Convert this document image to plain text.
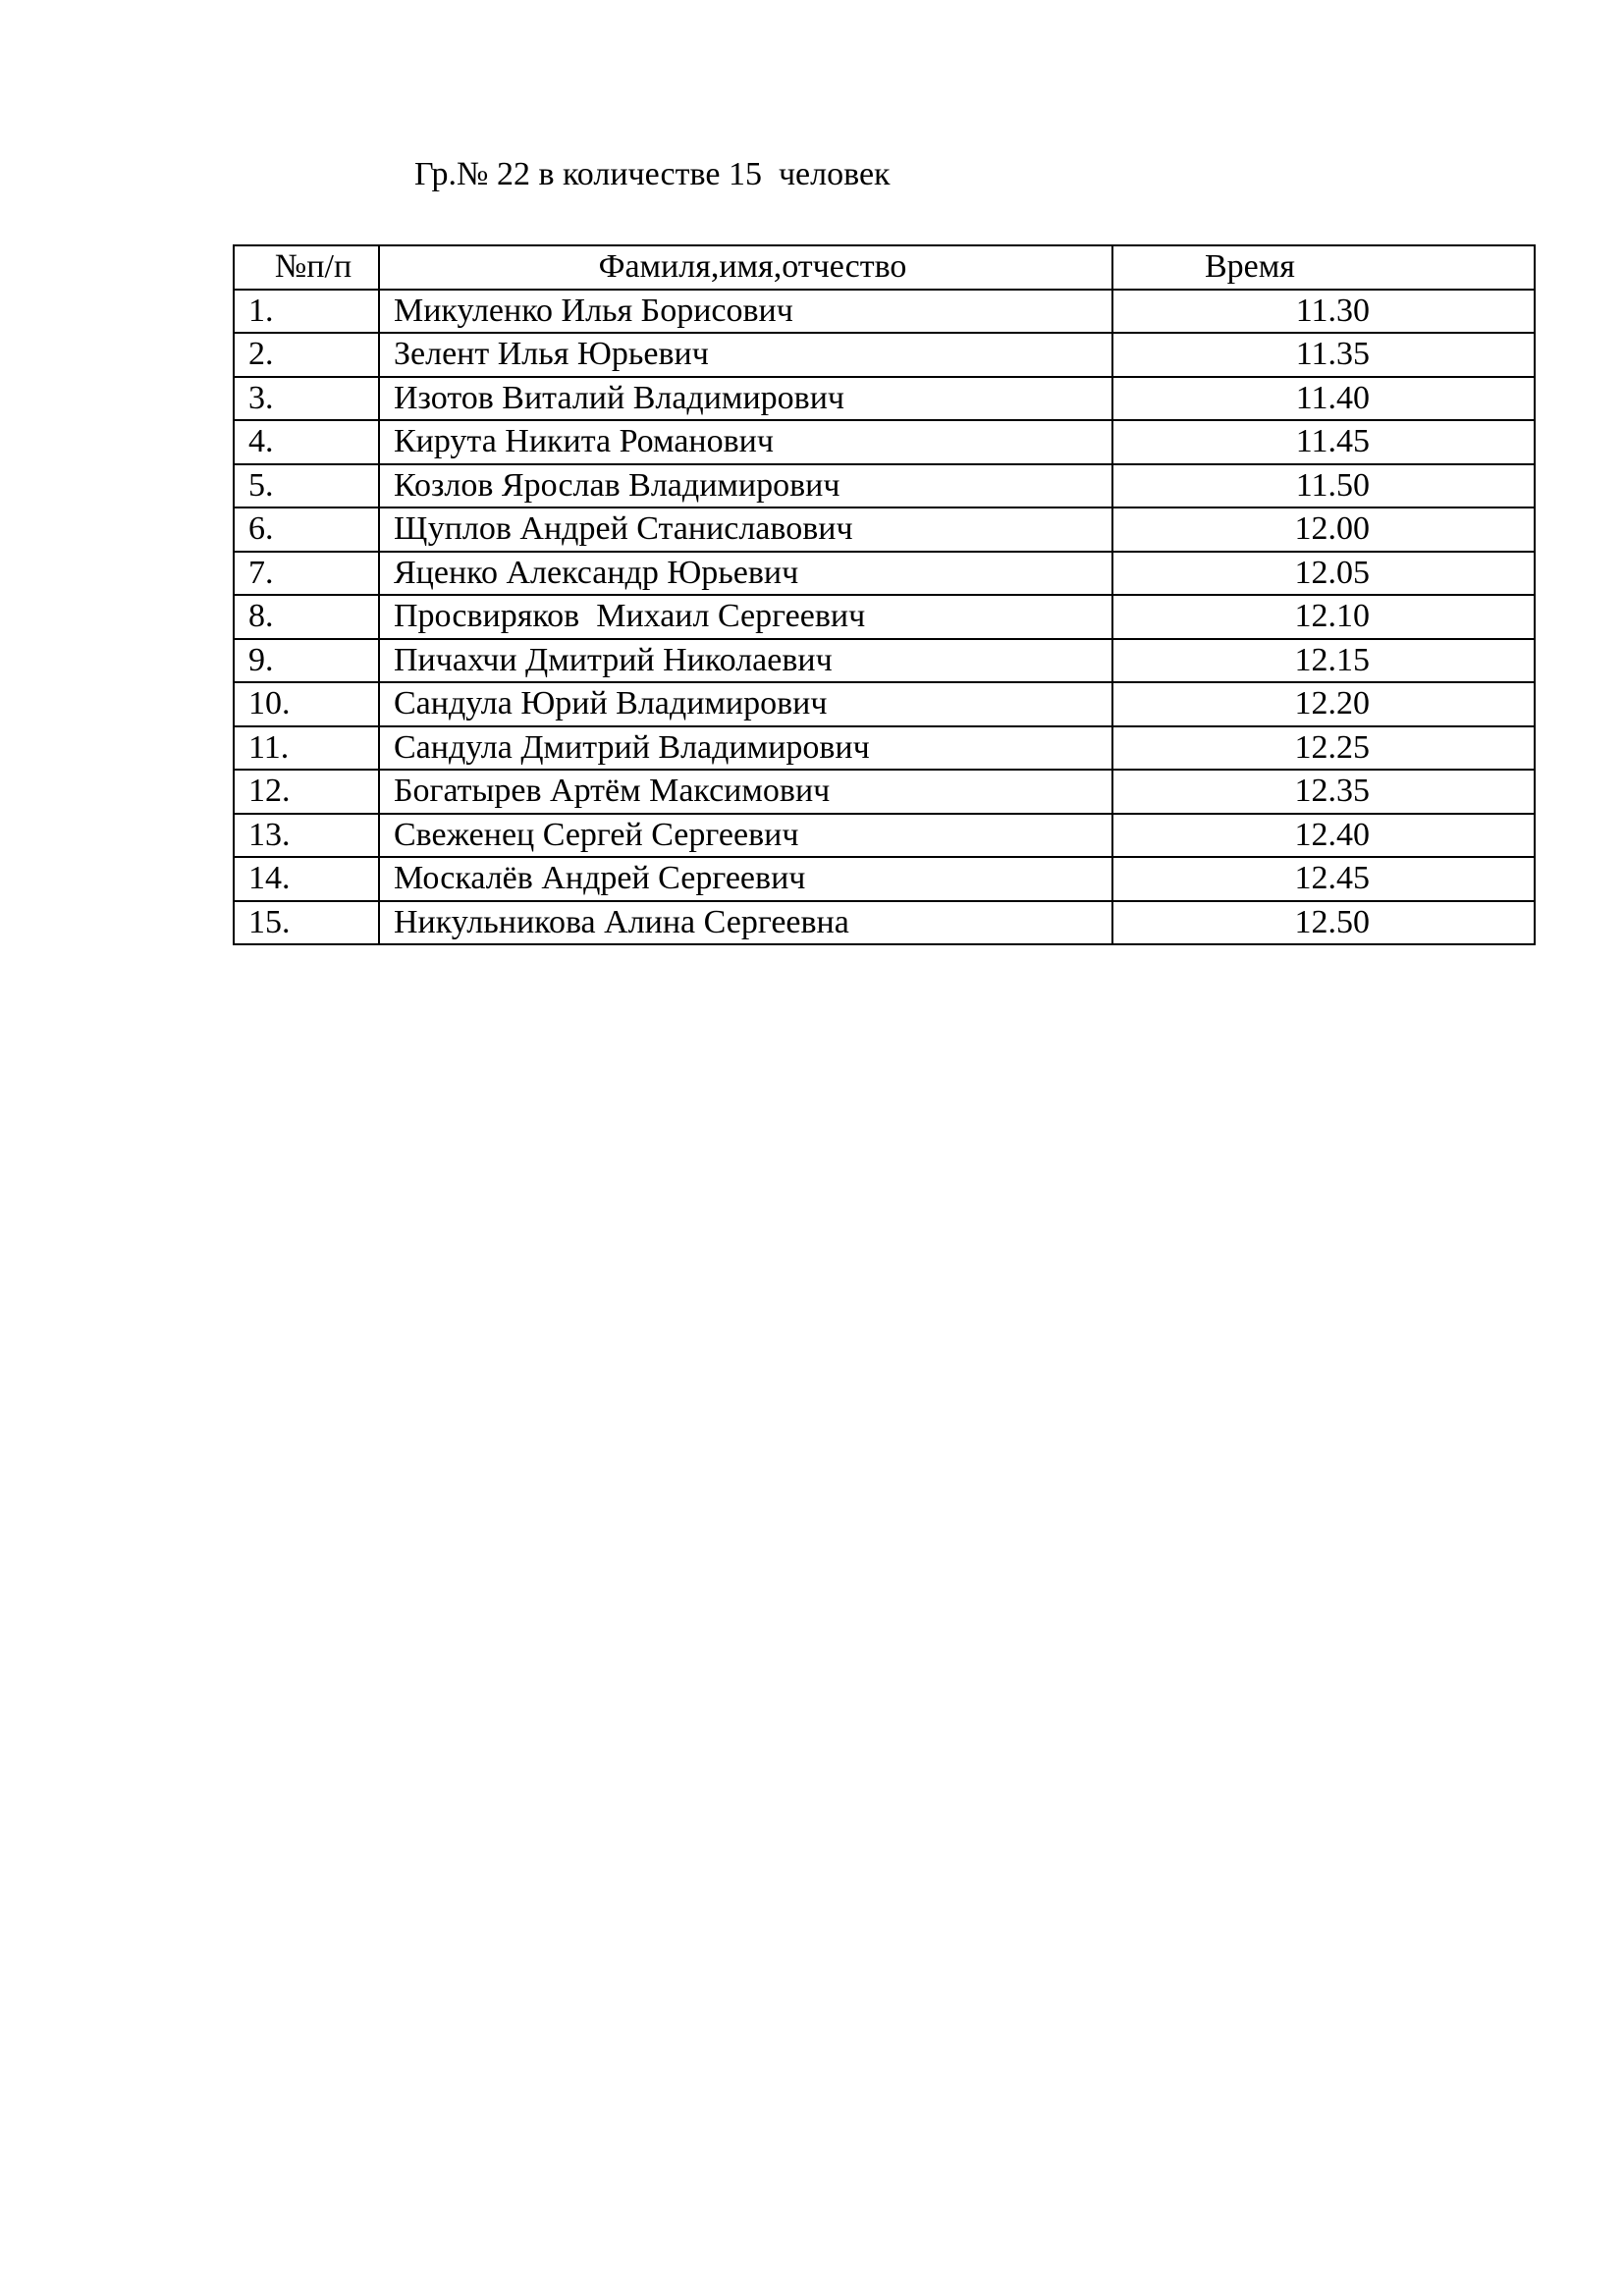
Гр.№ 22 в количестве 15  человек
№п/п	Фамиля,имя,отчество	Время
1.	Микуленко Илья Борисович	11.30
2.	Зелент Илья Юрьевич	11.35
3.	Изотов Виталий Владимирович	11.40
4.	Кирута Никита Романович	11.45
5.	Козлов Ярослав Владимирович	11.50
6.	Щуплов Андрей Станиславович	12.00
7.	Яценко Александр Юрьевич	12.05
8.	Просвиряков  Михаил Сергеевич	12.10
9.	Пичахчи Дмитрий Николаевич	12.15
10.	Сандула Юрий Владимирович	12.20
11.	Сандула Дмитрий Владимирович	12.25
12.	Богатырев Артём Максимович	12.35
13.	Свеженец Сергей Сергеевич	12.40
14.	Москалёв Андрей Сергеевич	12.45
15.	Никульникова Алина Сергеевна	12.50
